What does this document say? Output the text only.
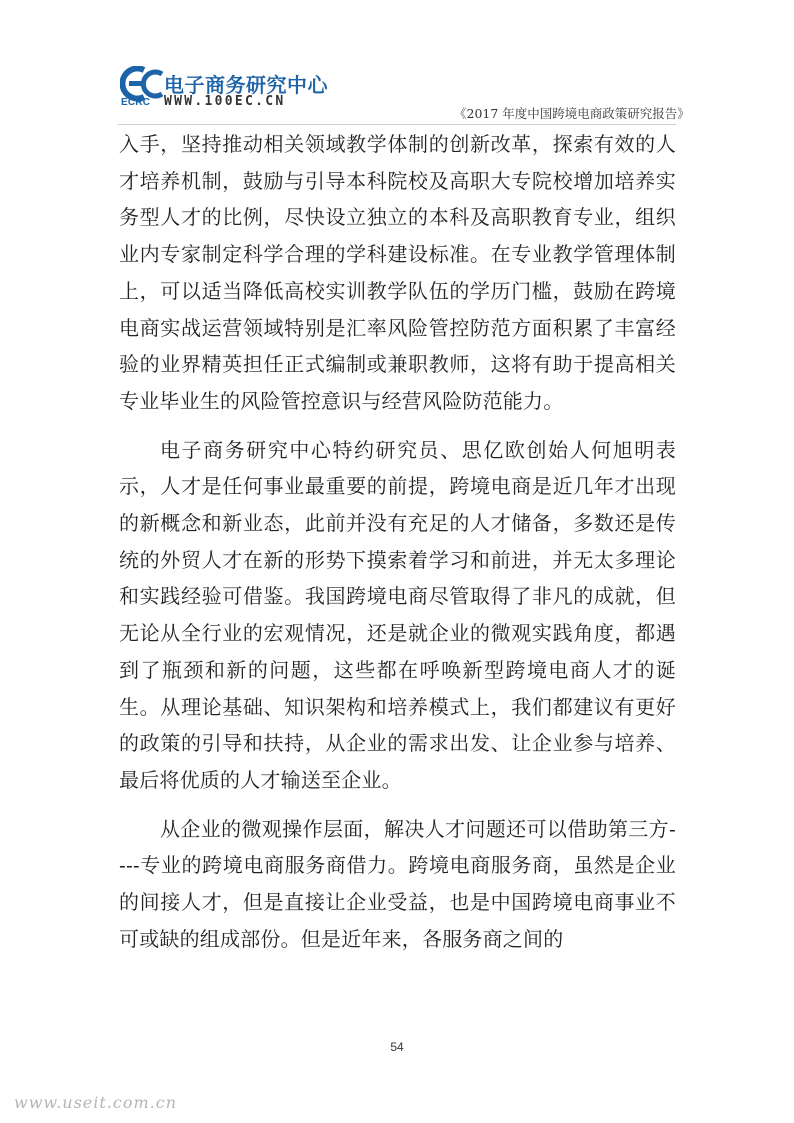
ECRC
电子商务研究中心
WWW.100EC.CN
《2017 年度中国跨境电商政策研究报告》

入手，坚持推动相关领域教学体制的创新改革，探索有效的人才培养机制，鼓励与引导本科院校及高职大专院校增加培养实务型人才的比例，尽快设立独立的本科及高职教育专业，组织业内专家制定科学合理的学科建设标准。在专业教学管理体制上，可以适当降低高校实训教学队伍的学历门槛，鼓励在跨境电商实战运营领域特别是汇率风险管控防范方面积累了丰富经验的业界精英担任正式编制或兼职教师，这将有助于提高相关专业毕业生的风险管控意识与经营风险防范能力。

电子商务研究中心特约研究员、思亿欧创始人何旭明表示，人才是任何事业最重要的前提，跨境电商是近几年才出现的新概念和新业态，此前并没有充足的人才储备，多数还是传统的外贸人才在新的形势下摸索着学习和前进，并无太多理论和实践经验可借鉴。我国跨境电商尽管取得了非凡的成就，但无论从全行业的宏观情况，还是就企业的微观实践角度，都遇到了瓶颈和新的问题，这些都在呼唤新型跨境电商人才的诞生。从理论基础、知识架构和培养模式上，我们都建议有更好的政策的引导和扶持，从企业的需求出发、让企业参与培养、最后将优质的人才输送至企业。

从企业的微观操作层面，解决人才问题还可以借助第三方----专业的跨境电商服务商借力。跨境电商服务商，虽然是企业的间接人才，但是直接让企业受益，也是中国跨境电商事业不可或缺的组成部份。但是近年来，各服务商之间的

54
www.useit.com.cn
